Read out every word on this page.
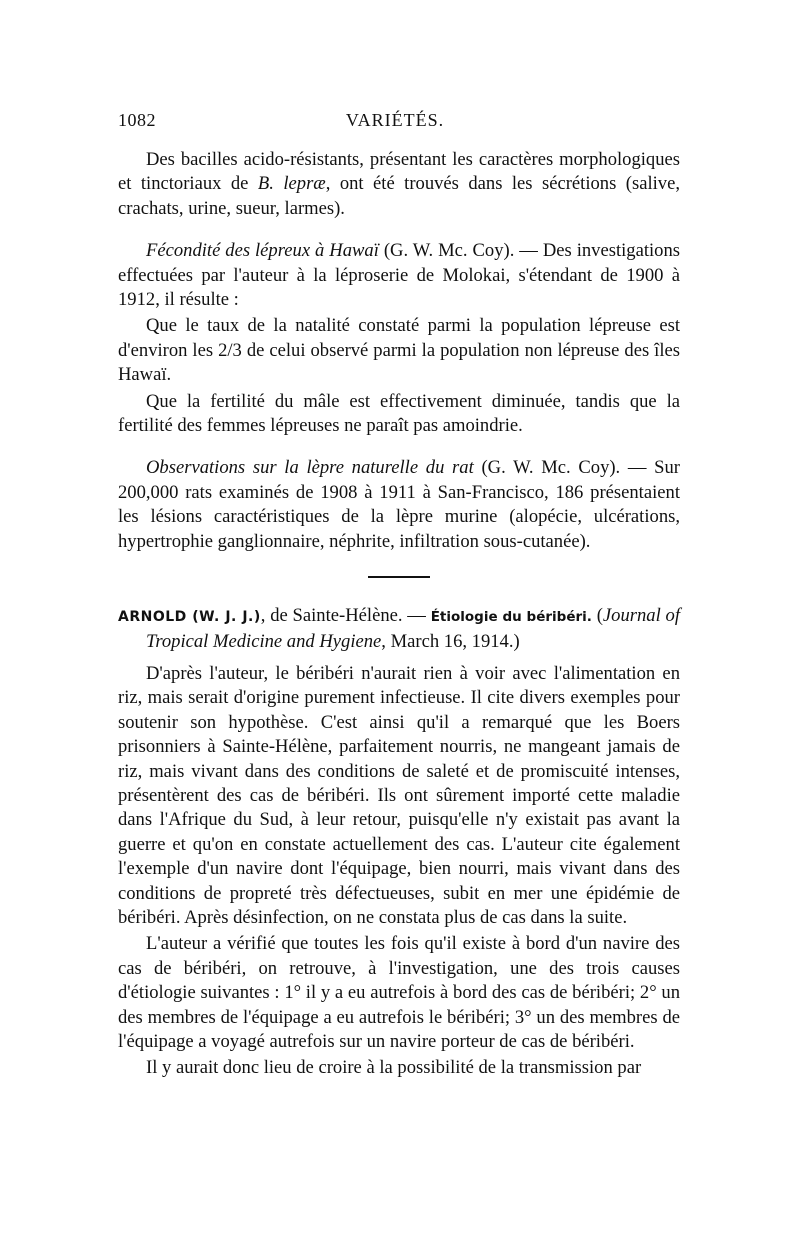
1082	VARIÉTÉS.

Des bacilles acido-résistants, présentant les caractères morphologiques et tinctoriaux de B. lepræ, ont été trouvés dans les sécrétions (salive, crachats, urine, sueur, larmes).

Fécondité des lépreux à Hawaï (G. W. Mc. Coy). — Des investigations effectuées par l'auteur à la léproserie de Molokai, s'étendant de 1900 à 1912, il résulte :

Que le taux de la natalité constaté parmi la population lépreuse est d'environ les 2/3 de celui observé parmi la population non lépreuse des îles Hawaï.

Que la fertilité du mâle est effectivement diminuée, tandis que la fertilité des femmes lépreuses ne paraît pas amoindrie.

Observations sur la lèpre naturelle du rat (G. W. Mc. Coy). — Sur 200,000 rats examinés de 1908 à 1911 à San-Francisco, 186 présentaient les lésions caractéristiques de la lèpre murine (alopécie, ulcérations, hypertrophie ganglionnaire, néphrite, infiltration sous-cutanée).

ARNOLD (W. J. J.), de Sainte-Hélène. — Étiologie du béribéri. (Journal of Tropical Medicine and Hygiene, March 16, 1914.)

D'après l'auteur, le béribéri n'aurait rien à voir avec l'alimentation en riz, mais serait d'origine purement infectieuse. Il cite divers exemples pour soutenir son hypothèse. C'est ainsi qu'il a remarqué que les Boers prisonniers à Sainte-Hélène, parfaitement nourris, ne mangeant jamais de riz, mais vivant dans des conditions de saleté et de promiscuité intenses, présentèrent des cas de béribéri. Ils ont sûrement importé cette maladie dans l'Afrique du Sud, à leur retour, puisqu'elle n'y existait pas avant la guerre et qu'on en constate actuellement des cas. L'auteur cite également l'exemple d'un navire dont l'équipage, bien nourri, mais vivant dans des conditions de propreté très défectueuses, subit en mer une épidémie de béribéri. Après désinfection, on ne constata plus de cas dans la suite.

L'auteur a vérifié que toutes les fois qu'il existe à bord d'un navire des cas de béribéri, on retrouve, à l'investigation, une des trois causes d'étiologie suivantes : 1° il y a eu autrefois à bord des cas de béribéri; 2° un des membres de l'équipage a eu autrefois le béribéri; 3° un des membres de l'équipage a voyagé autrefois sur un navire porteur de cas de béribéri.

Il y aurait donc lieu de croire à la possibilité de la transmission par
